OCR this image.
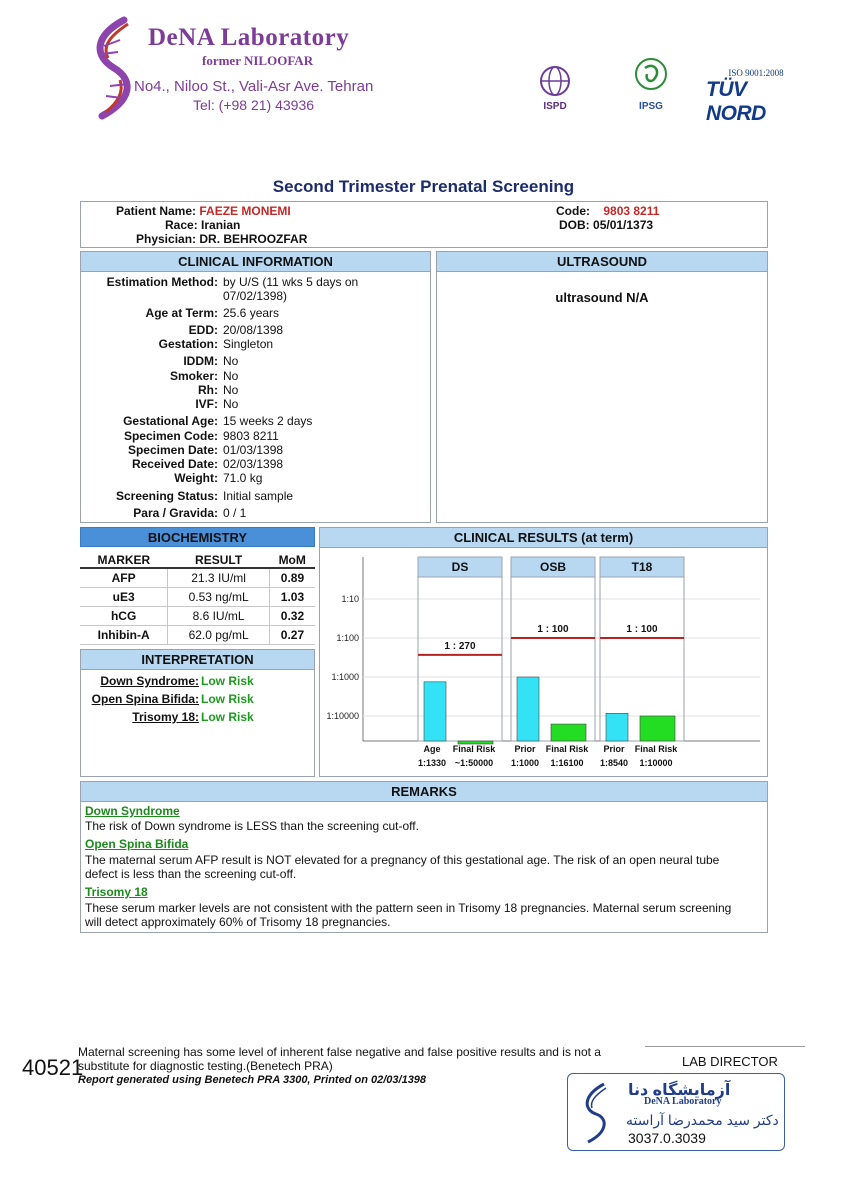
DeNA Laboratory
former NILOOFAR
No4., Niloo St., Vali-Asr Ave. Tehran
Tel: (+98 21) 43936	ISPD	IPSG
ISO 9001:2008
TÜV NORD
Second Trimester Prenatal Screening
Patient Name: FAEZE MONEMI
Race: Iranian
Physician: DR. BEHROOZFAR
Code: 9803 8211
DOB: 05/01/1373
CLINICAL INFORMATION
Estimation Method: by U/S (11 wks 5 days on
07/02/1398)
Age at Term: 25.6 years
EDD: 20/08/1398
Gestation: Singleton
IDDM: No
Smoker: No
Rh: No
IVF: No
Gestational Age: 15 weeks 2 days
Specimen Code: 9803 8211
Specimen Date: 01/03/1398
Received Date: 02/03/1398
Weight: 71.0 kg
Screening Status: Initial sample
Para / Gravida: 0 / 1
ULTRASOUND
ultrasound N/A
BIOCHEMISTRY
MARKER	RESULT	MoM
AFP	21.3 IU/ml	0.89
uE3	0.53 ng/mL	1.03
hCG	8.6 IU/mL	0.32
Inhibin-A	62.0 pg/mL	0.27
INTERPRETATION
Down Syndrome: Low Risk
Open Spina Bifida: Low Risk
Trisomy 18: Low Risk
CLINICAL RESULTS (at term)
1:10
1:100
1:1000
1:10000
DS
1 : 270
Age
1:1330
Final Risk
~1:50000
OSB
1 : 100
Prior
1:1000
Final Risk
1:16100
T18
1 : 100
Prior
1:8540
Final Risk
1:10000
REMARKS
Down Syndrome
The risk of Down syndrome is LESS than the screening cut-off.
Open Spina Bifida
The maternal serum AFP result is NOT elevated for a pregnancy of this gestational age. The risk of an open neural tube
defect is less than the screening cut-off.
Trisomy 18
These serum marker levels are not consistent with the pattern seen in Trisomy 18 pregnancies. Maternal serum screening
will detect approximately 60% of Trisomy 18 pregnancies.
Maternal screening has some level of inherent false negative and false positive results and is not a
substitute for diagnostic testing.(Benetech PRA)
Report generated using Benetech PRA 3300, Printed on 02/03/1398
40521	LAB DIRECTOR
آزمایشگاه دنا
DeNA Laboratory
دکتر سید محمدرضا آراسته
3037.0.3039
